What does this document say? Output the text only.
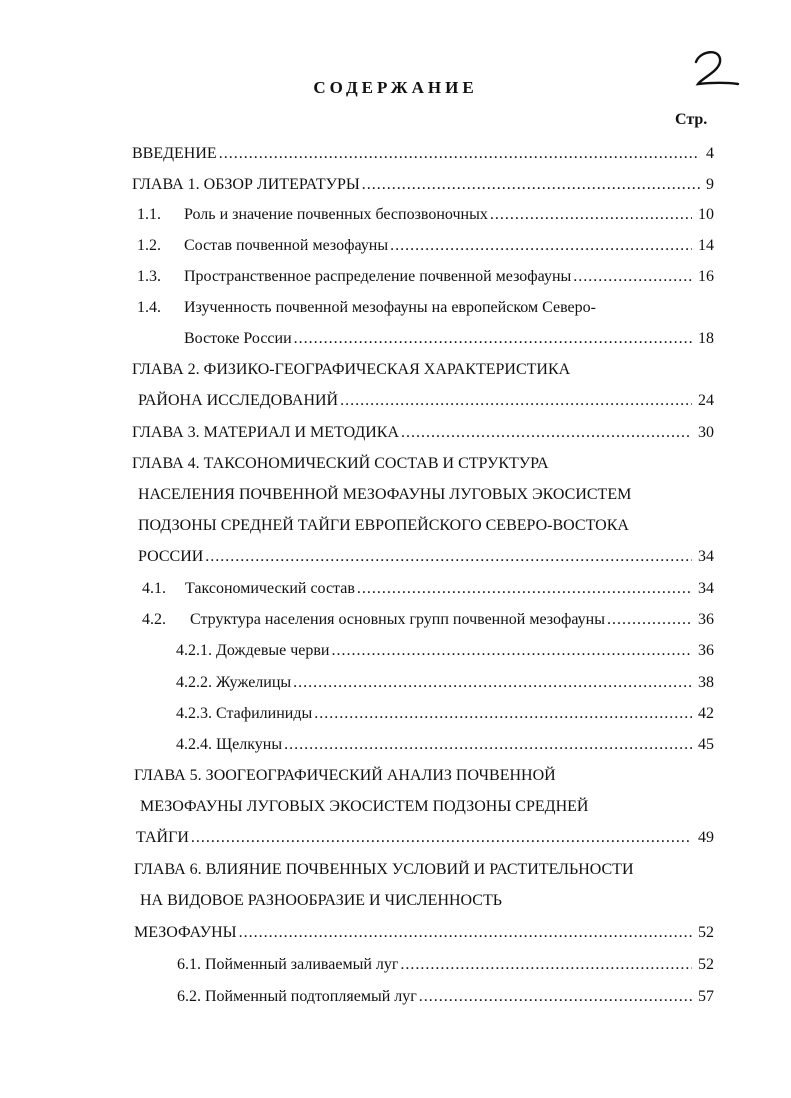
СОДЕРЖАНИЕ
Стр.
ВВЕДЕНИЕ .....	4
ГЛАВА 1. ОБЗОР ЛИТЕРАТУРЫ .....	9
1.1. Роль и значение почвенных беспозвоночных .....	10
1.2. Состав почвенной мезофауны .....	14
1.3. Пространственное распределение почвенной мезофауны .....	16
1.4. Изученность почвенной мезофауны на европейском Северо-
Востоке России .....	18
ГЛАВА 2. ФИЗИКО-ГЕОГРАФИЧЕСКАЯ ХАРАКТЕРИСТИКА
РАЙОНА ИССЛЕДОВАНИЙ .....	24
ГЛАВА 3. МАТЕРИАЛ И МЕТОДИКА .....	30
ГЛАВА 4. ТАКСОНОМИЧЕСКИЙ СОСТАВ И СТРУКТУРА
НАСЕЛЕНИЯ ПОЧВЕННОЙ МЕЗОФАУНЫ ЛУГОВЫХ ЭКОСИСТЕМ
ПОДЗОНЫ СРЕДНЕЙ ТАЙГИ ЕВРОПЕЙСКОГО СЕВЕРО-ВОСТОКА
РОССИИ .....	34
4.1. Таксономический состав .....	34
4.2. Структура населения основных групп почвенной мезофауны .....	36
4.2.1. Дождевые черви .....	36
4.2.2. Жужелицы .....	38
4.2.3. Стафилиниды .....	42
4.2.4. Щелкуны .....	45
ГЛАВА 5. ЗООГЕОГРАФИЧЕСКИЙ АНАЛИЗ ПОЧВЕННОЙ
МЕЗОФАУНЫ ЛУГОВЫХ ЭКОСИСТЕМ ПОДЗОНЫ СРЕДНЕЙ
ТАЙГИ .....	49
ГЛАВА 6. ВЛИЯНИЕ ПОЧВЕННЫХ УСЛОВИЙ И РАСТИТЕЛЬНОСТИ
НА ВИДОВОЕ РАЗНООБРАЗИЕ И ЧИСЛЕННОСТЬ
МЕЗОФАУНЫ .....	52
6.1. Пойменный заливаемый луг .....	52
6.2. Пойменный подтопляемый луг .....	57
